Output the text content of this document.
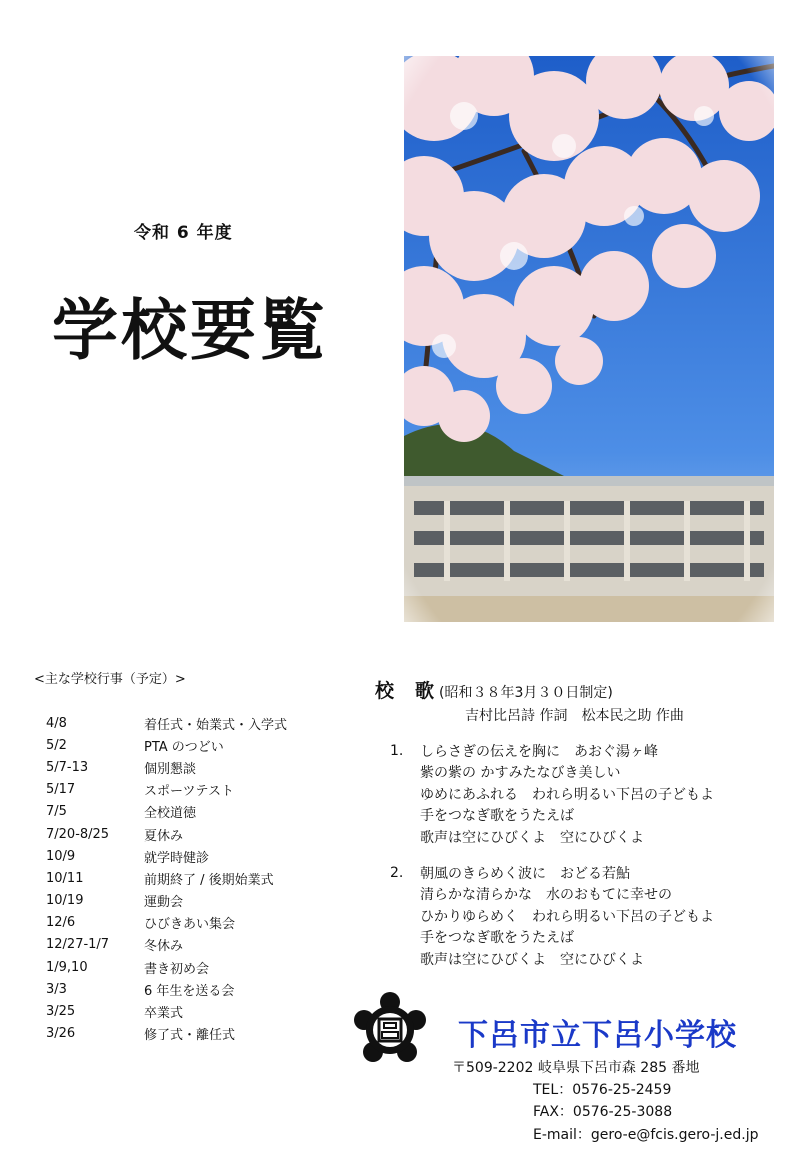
令和 6 年度
学校要覧
<主な学校行事（予定）>
4/8	着任式・始業式・入学式
5/2	PTA のつどい
5/7-13	個別懇談
5/17	スポーツテスト
7/5	全校道徳
7/20-8/25	夏休み
10/9	就学時健診
10/11	前期終了 / 後期始業式
10/19	運動会
12/6	ひびきあい集会
12/27-1/7	冬休み
1/9,10	書き初め会
3/3	6 年生を送る会
3/25	卒業式
3/26	修了式・離任式
校　歌 (昭和３８年3月３０日制定)
吉村比呂詩 作詞　松本民之助 作曲
1.	しらさぎの伝えを胸に　あおぐ湯ヶ峰
紫の紫の かすみたなびき美しい
ゆめにあふれる　われら明るい下呂の子どもよ
手をつなぎ歌をうたえば
歌声は空にひびくよ　空にひびくよ
2.	朝風のきらめく波に　おどる若鮎
清らかな清らかな　水のおもてに幸せの
ひかりゆらめく　われら明るい下呂の子どもよ
手をつなぎ歌をうたえば
歌声は空にひびくよ　空にひびくよ
下呂市立下呂小学校
〒509-2202 岐阜県下呂市森 285 番地
TEL：0576-25-2459
FAX：0576-25-3088
E-mail：gero-e@fcis.gero-j.ed.jp
